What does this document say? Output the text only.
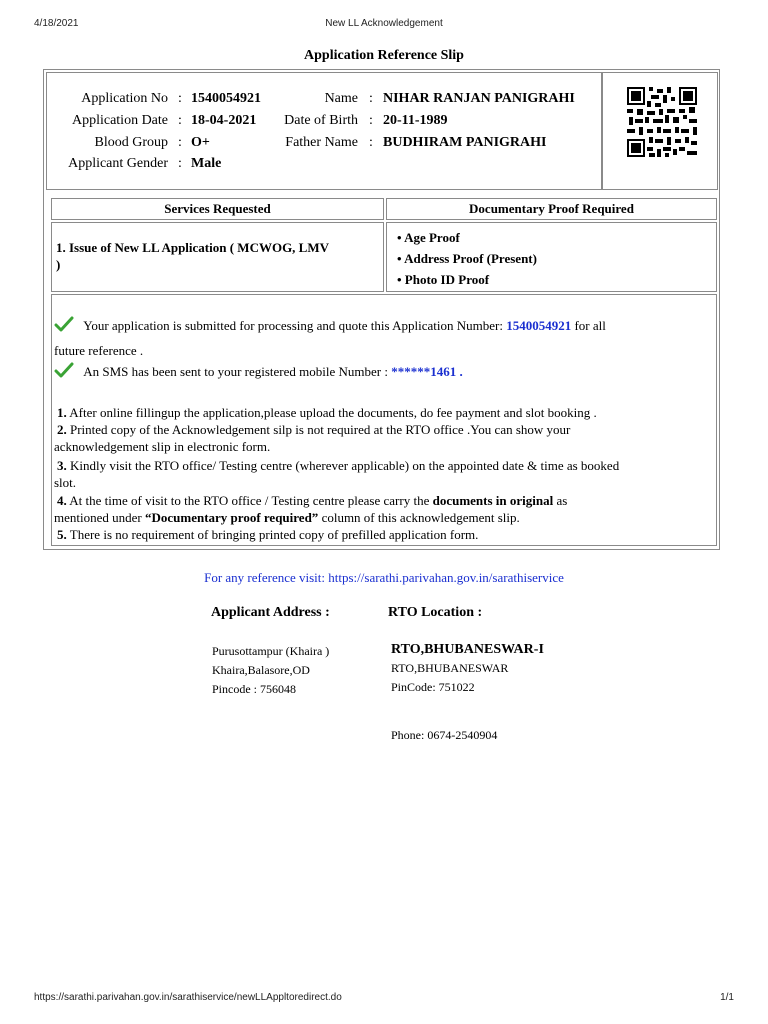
4/18/2021	New LL Acknowledgement
Application Reference Slip
Application No : 1540054921
Application Date : 18-04-2021
Blood Group : O+
Applicant Gender : Male
Name : NIHAR RANJAN PANIGRAHI
Date of Birth : 20-11-1989
Father Name : BUDHIRAM PANIGRAHI
Services Requested	Documentary Proof Required
1. Issue of New LL Application ( MCWOG, LMV
)
• Age Proof
• Address Proof (Present)
• Photo ID Proof
Your application is submitted for processing and quote this Application Number: 1540054921 for all
future reference .
An SMS has been sent to your registered mobile Number : ******1461 .
1. After online fillingup the application,please upload the documents, do fee payment and slot booking .
2. Printed copy of the Acknowledgement silp is not required at the RTO office .You can show your
acknowledgement slip in electronic form.
3. Kindly visit the RTO office/ Testing centre (wherever applicable) on the appointed date & time as booked
slot.
4. At the time of visit to the RTO office / Testing centre please carry the documents in original as
mentioned under “Documentary proof required” column of this acknowledgement slip.
5. There is no requirement of bringing printed copy of prefilled application form.
For any reference visit: https://sarathi.parivahan.gov.in/sarathiservice
Applicant Address :	RTO Location :
Purusottampur (Khaira )
Khaira,Balasore,OD
Pincode : 756048
RTO,BHUBANESWAR-I
RTO,BHUBANESWAR
PinCode: 751022
Phone: 0674-2540904
https://sarathi.parivahan.gov.in/sarathiservice/newLLAppltoredirect.do	1/1
